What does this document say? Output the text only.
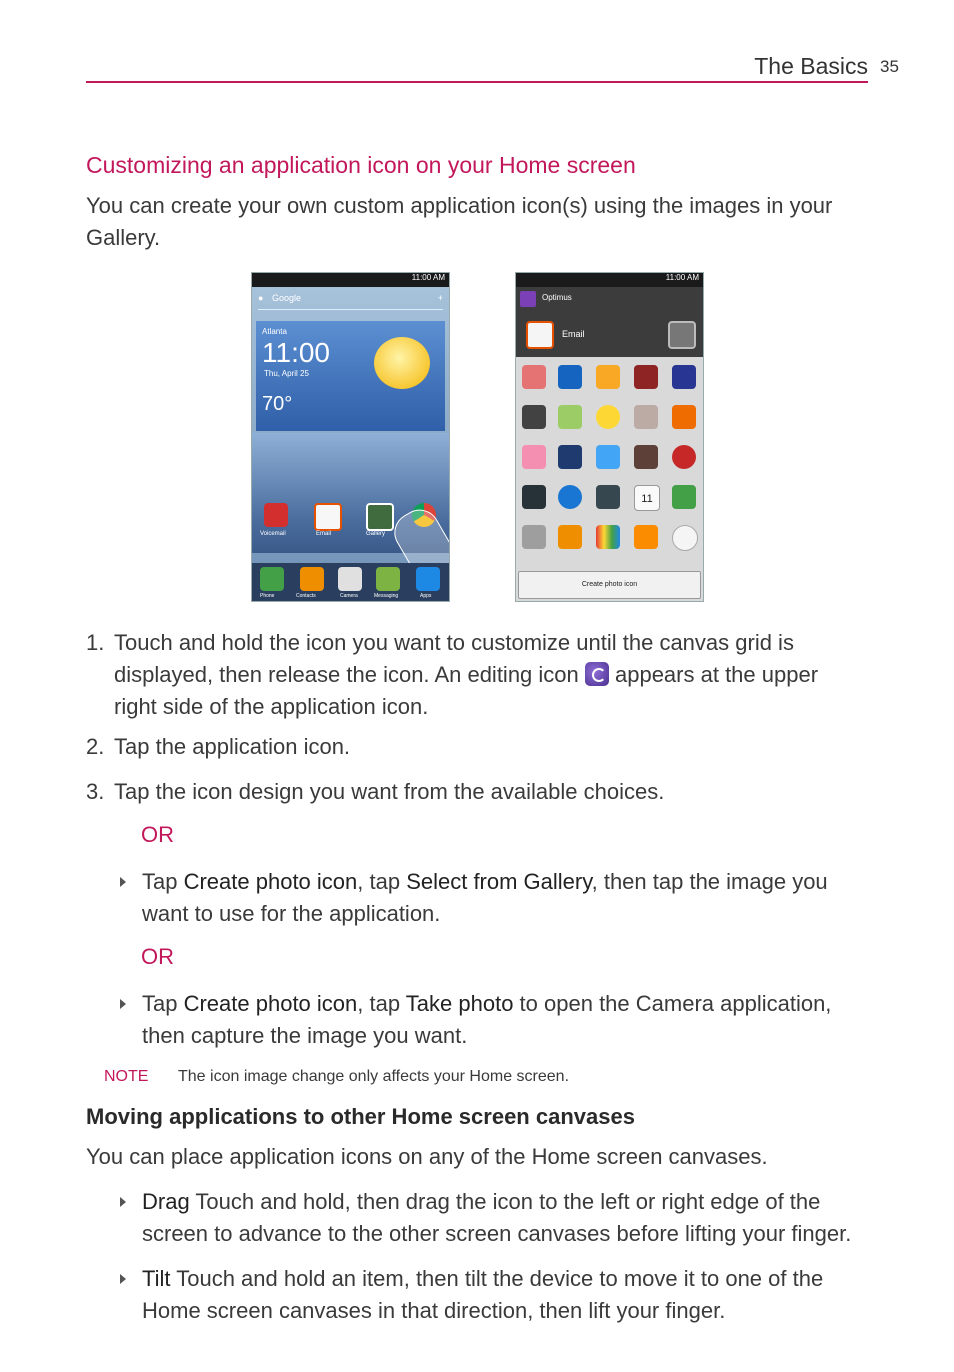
The Basics 35
Customizing an application icon on your Home screen
You can create your own custom application icon(s) using the images in your Gallery.
11:00 AM
● Google	+
Atlanta
11:00
Thu, April 25
70°
Voicemail	Email	Gallery
Phone	Contacts	Camera	Messaging	Apps
11:00 AM
Optimus
Email
11
Create photo icon
1. Touch and hold the icon you want to customize until the canvas grid is displayed, then release the icon. An editing icon  appears at the upper right side of the application icon.
2. Tap the application icon.
3. Tap the icon design you want from the available choices.
OR
Tap Create photo icon, tap Select from Gallery, then tap the image you want to use for the application.
OR
Tap Create photo icon, tap Take photo to open the Camera application, then capture the image you want.
NOTE The icon image change only affects your Home screen.
Moving applications to other Home screen canvases
You can place application icons on any of the Home screen canvases.
Drag Touch and hold, then drag the icon to the left or right edge of the screen to advance to the other screen canvases before lifting your finger.
Tilt Touch and hold an item, then tilt the device to move it to one of the Home screen canvases in that direction, then lift your finger.
